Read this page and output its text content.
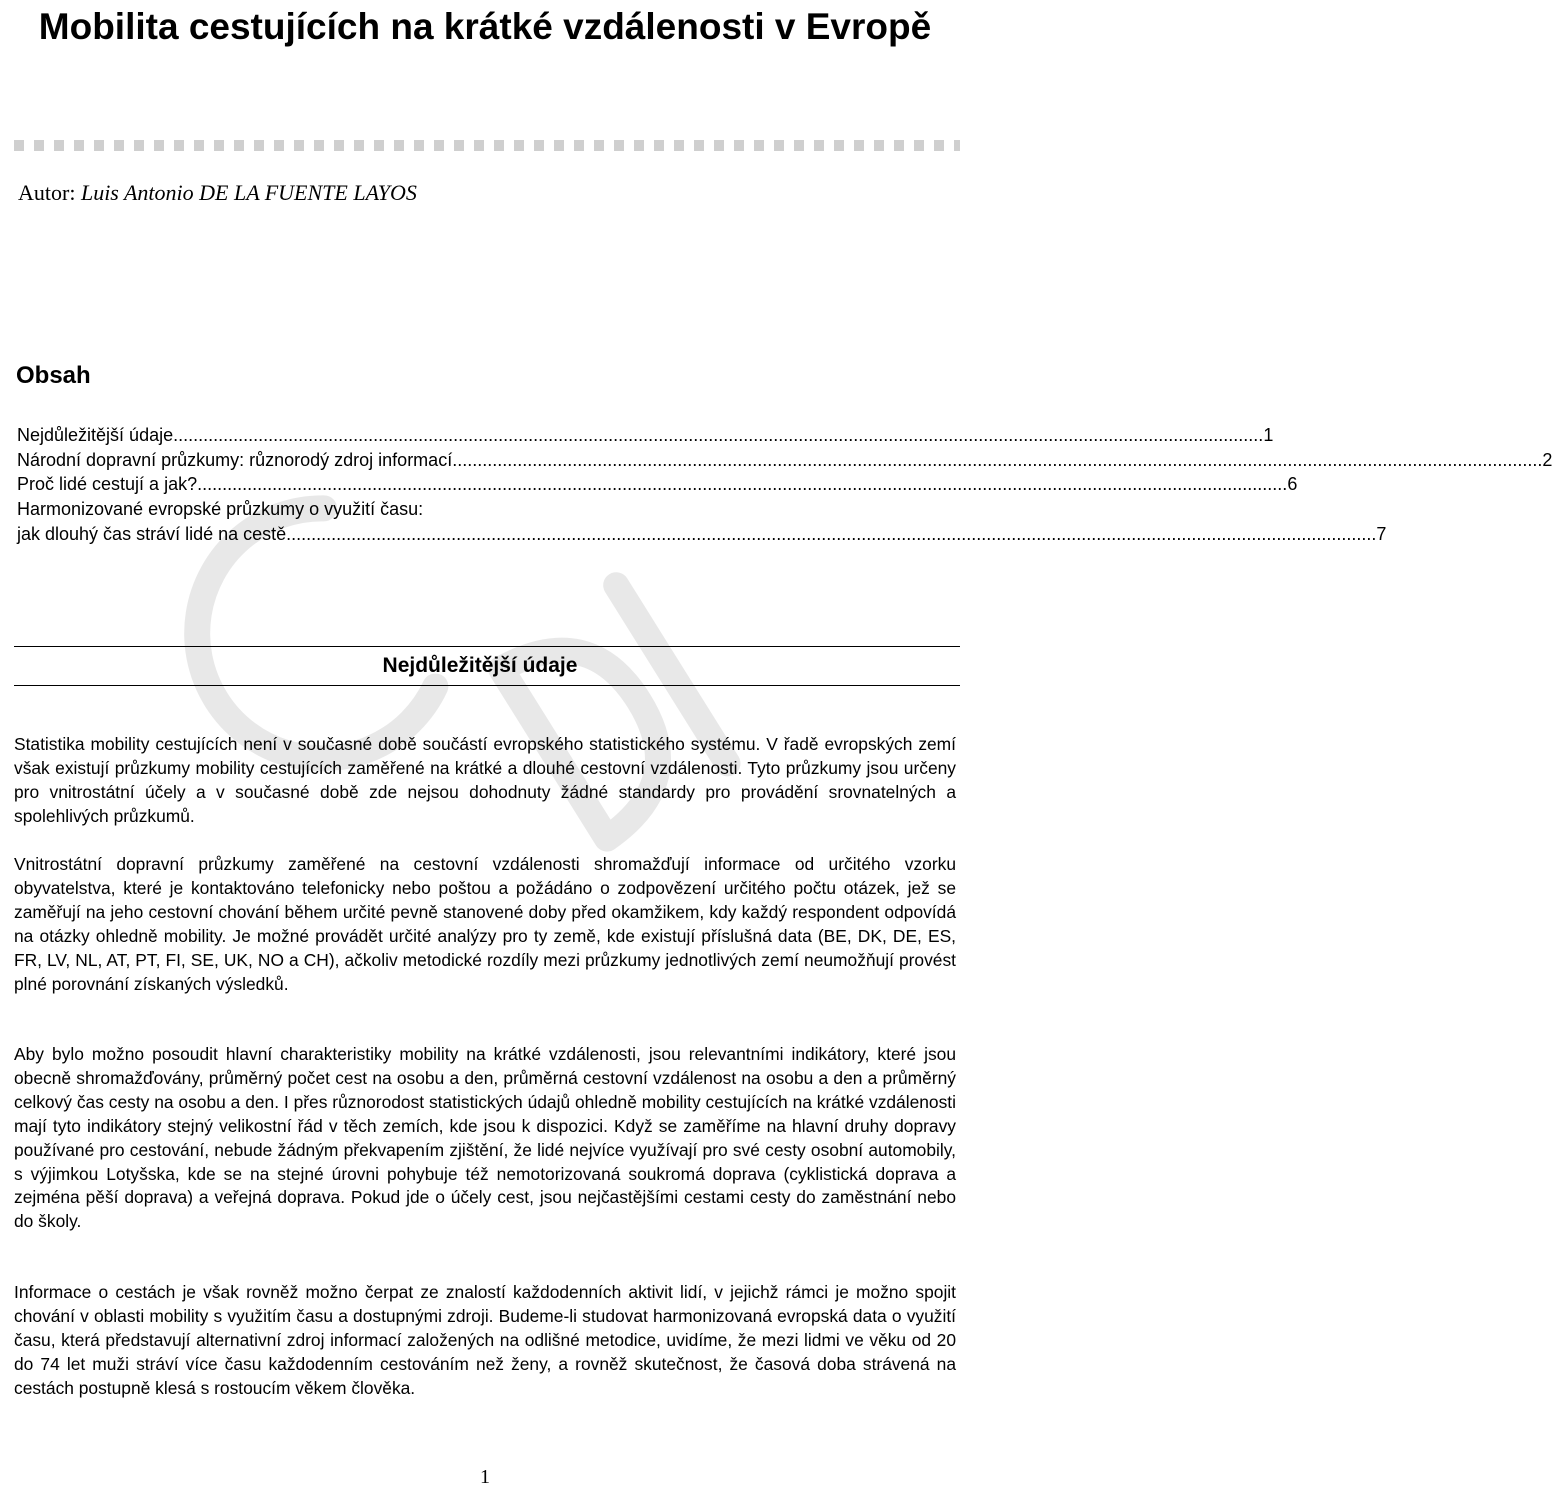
Mobilita cestujících na krátké vzdálenosti v Evropě
Autor: Luis Antonio DE LA FUENTE LAYOS
Obsah
Nejdůležitější údaje .......................................................................................................................................................................................................................... 1
Národní dopravní průzkumy: různorodý zdroj informací .......................................................................................................................................................................................................................... 2
Proč lidé cestují a jak? .......................................................................................................................................................................................................................... 6
Harmonizované evropské průzkumy o využití času:
jak dlouhý čas stráví lidé na cestě .......................................................................................................................................................................................................................... 7
Nejdůležitější údaje

Statistika mobility cestujících není v současné době součástí evropského statistického systému. V řadě evropských zemí však existují průzkumy mobility cestujících zaměřené na krátké a dlouhé cestovní vzdálenosti. Tyto průzkumy jsou určeny pro vnitrostátní účely a v současné době zde nejsou dohodnuty žádné standardy pro provádění srovnatelných a spolehlivých průzkumů.

Vnitrostátní dopravní průzkumy zaměřené na cestovní vzdálenosti shromažďují informace od určitého vzorku obyvatelstva, které je kontaktováno telefonicky nebo poštou a požádáno o zodpovězení určitého počtu otázek, jež se zaměřují na jeho cestovní chování během určité pevně stanovené doby před okamžikem, kdy každý respondent odpovídá na otázky ohledně mobility. Je možné provádět určité analýzy pro ty země, kde existují příslušná data (BE, DK, DE, ES, FR, LV, NL, AT, PT, FI, SE, UK, NO a CH), ačkoliv metodické rozdíly mezi průzkumy jednotlivých zemí neumožňují provést plné porovnání získaných výsledků.

Aby bylo možno posoudit hlavní charakteristiky mobility na krátké vzdálenosti, jsou relevantními indikátory, které jsou obecně shromažďovány, průměrný počet cest na osobu a den, průměrná cestovní vzdálenost na osobu a den a průměrný celkový čas cesty na osobu a den. I přes různorodost statistických údajů ohledně mobility cestujících na krátké vzdálenosti mají tyto indikátory stejný velikostní řád v těch zemích, kde jsou k dispozici. Když se zaměříme na hlavní druhy dopravy používané pro cestování, nebude žádným překvapením zjištění, že lidé nejvíce využívají pro své cesty osobní automobily, s výjimkou Lotyšska, kde se na stejné úrovni pohybuje též nemotorizovaná soukromá doprava (cyklistická doprava a zejména pěší doprava) a veřejná doprava. Pokud jde o účely cest, jsou nejčastějšími cestami cesty do zaměstnání nebo do školy.

Informace o cestách je však rovněž možno čerpat ze znalostí každodenních aktivit lidí, v jejichž rámci je možno spojit chování v oblasti mobility s využitím času a dostupnými zdroji. Budeme-li studovat harmonizovaná evropská data o využití času, která představují alternativní zdroj informací založených na odlišné metodice, uvidíme, že mezi lidmi ve věku od 20 do 74 let muži stráví více času každodenním cestováním než ženy, a rovněž skutečnost, že časová doba strávená na cestách postupně klesá s rostoucím věkem člověka.

1
